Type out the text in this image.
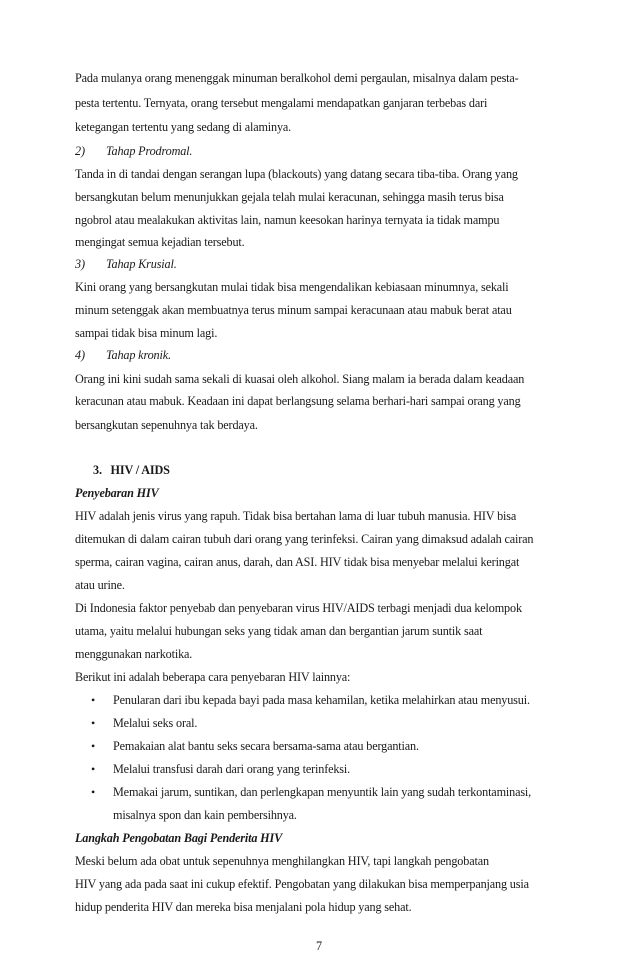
Pada mulanya orang menenggak minuman beralkohol demi pergaulan, misalnya dalam pesta-
pesta tertentu. Ternyata, orang tersebut mengalami mendapatkan ganjaran terbebas dari
ketegangan tertentu yang sedang di alaminya.
2) Tahap Prodromal.
Tanda in di tandai dengan serangan lupa (blackouts) yang datang secara tiba-tiba. Orang yang
bersangkutan belum menunjukkan gejala telah mulai keracunan, sehingga masih terus bisa
ngobrol atau mealakukan aktivitas lain, namun keesokan harinya ternyata ia tidak mampu
mengingat semua kejadian tersebut.
3) Tahap Krusial.
Kini orang yang bersangkutan mulai tidak bisa mengendalikan kebiasaan minumnya, sekali
minum setenggak akan membuatnya terus minum sampai keracunaan atau mabuk berat atau
sampai tidak bisa minum lagi.
4) Tahap kronik.
Orang ini kini sudah sama sekali di kuasai oleh alkohol. Siang malam ia berada dalam keadaan
keracunan atau mabuk. Keadaan ini dapat berlangsung selama berhari-hari sampai orang yang
bersangkutan sepenuhnya tak berdaya.
3.   HIV / AIDS
Penyebaran HIV
HIV adalah jenis virus yang rapuh. Tidak bisa bertahan lama di luar tubuh manusia. HIV bisa
ditemukan di dalam cairan tubuh dari orang yang terinfeksi. Cairan yang dimaksud adalah cairan
sperma, cairan vagina, cairan anus, darah, dan ASI. HIV tidak bisa menyebar melalui keringat
atau urine.
Di Indonesia faktor penyebab dan penyebaran virus HIV/AIDS terbagi menjadi dua kelompok
utama, yaitu melalui hubungan seks yang tidak aman dan bergantian jarum suntik saat
menggunakan narkotika.
Berikut ini adalah beberapa cara penyebaran HIV lainnya:
• Penularan dari ibu kepada bayi pada masa kehamilan, ketika melahirkan atau menyusui.
• Melalui seks oral.
• Pemakaian alat bantu seks secara bersama-sama atau bergantian.
• Melalui transfusi darah dari orang yang terinfeksi.
• Memakai jarum, suntikan, dan perlengkapan menyuntik lain yang sudah terkontaminasi,
misalnya spon dan kain pembersihnya.
Langkah Pengobatan Bagi Penderita HIV
Meski belum ada obat untuk sepenuhnya menghilangkan HIV, tapi langkah pengobatan
HIV yang ada pada saat ini cukup efektif. Pengobatan yang dilakukan bisa memperpanjang usia
hidup penderita HIV dan mereka bisa menjalani pola hidup yang sehat.
7
